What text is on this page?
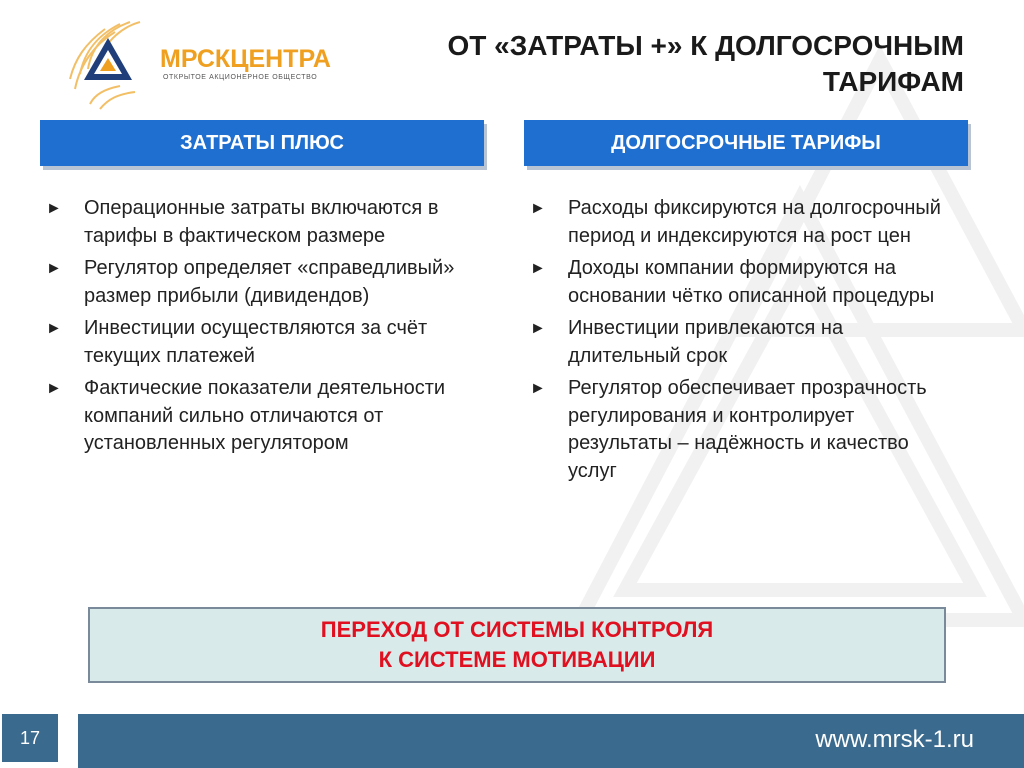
МРСКЦЕНТРА
ОТКРЫТОЕ АКЦИОНЕРНОЕ ОБЩЕСТВО
ОТ «ЗАТРАТЫ +» К ДОЛГОСРОЧНЫМ
ТАРИФАМ
ЗАТРАТЫ ПЛЮС	ДОЛГОСРОЧНЫЕ ТАРИФЫ
► Операционные затраты включаются в тарифы в фактическом размере
► Регулятор определяет «справедливый» размер прибыли (дивидендов)
► Инвестиции осуществляются за счёт текущих платежей
► Фактические показатели деятельности компаний сильно отличаются от установленных регулятором
► Расходы фиксируются на долгосрочный период и индексируются на рост цен
► Доходы компании формируются на основании чётко описанной процедуры
► Инвестиции привлекаются на длительный срок
► Регулятор обеспечивает прозрачность регулирования и контролирует результаты – надёжность и качество услуг
ПЕРЕХОД ОТ СИСТЕМЫ КОНТРОЛЯ
К СИСТЕМЕ МОТИВАЦИИ
17	www.mrsk-1.ru
